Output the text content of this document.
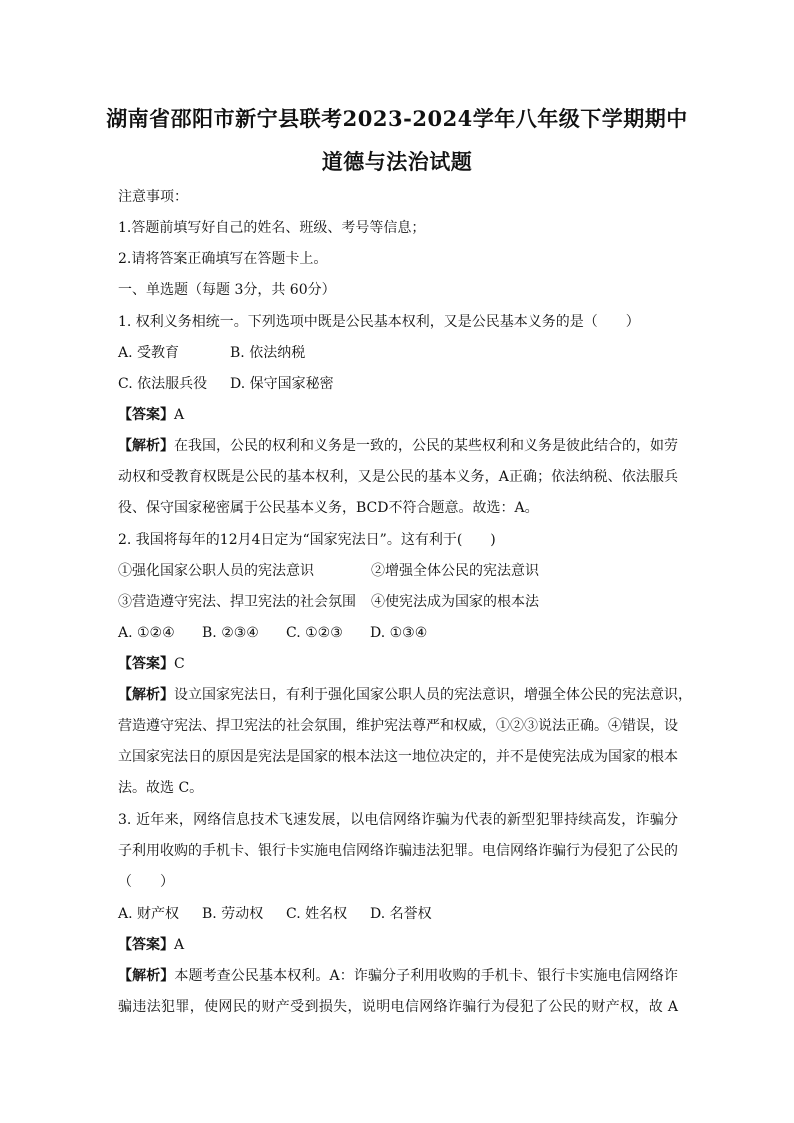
湖南省邵阳市新宁县联考2023-2024学年八年级下学期期中
道德与法治试题
注意事项：
1.答题前填写好自己的姓名、班级、考号等信息；
2.请将答案正确填写在答题卡上。
一、单选题（每题 3分，共 60分）
1. 权利义务相统一。下列选项中既是公民基本权利，又是公民基本义务的是（　　）
A. 受教育	B. 依法纳税
C. 依法服兵役 D. 保守国家秘密
【答案】A
【解析】在我国，公民的权利和义务是一致的，公民的某些权利和义务是彼此结合的，如劳
动权和受教育权既是公民的基本权利，又是公民的基本义务，A正确；依法纳税、依法服兵
役、保守国家秘密属于公民基本义务，BCD不符合题意。故选：A。
2. 我国将每年的12月4日定为“国家宪法日”。这有利于(　　)
①强化国家公职人员的宪法意识	②增强全体公民的宪法意识
③营造遵守宪法、捍卫宪法的社会氛围 ④使宪法成为国家的根本法
A. ①②④ B. ②③④ C. ①②③ D. ①③④
【答案】C
【解析】设立国家宪法日，有利于强化国家公职人员的宪法意识，增强全体公民的宪法意识，
营造遵守宪法、捍卫宪法的社会氛围，维护宪法尊严和权威，①②③说法正确。④错误，设
立国家宪法日的原因是宪法是国家的根本法这一地位决定的，并不是使宪法成为国家的根本
法。故选 C。
3. 近年来，网络信息技术飞速发展，以电信网络诈骗为代表的新型犯罪持续高发，诈骗分
子利用收购的手机卡、银行卡实施电信网络诈骗违法犯罪。电信网络诈骗行为侵犯了公民的
（　　）
A. 财产权 B. 劳动权 C. 姓名权 D. 名誉权
【答案】A
【解析】本题考查公民基本权利。A：诈骗分子利用收购的手机卡、银行卡实施电信网络诈
骗违法犯罪，使网民的财产受到损失，说明电信网络诈骗行为侵犯了公民的财产权，故 A
